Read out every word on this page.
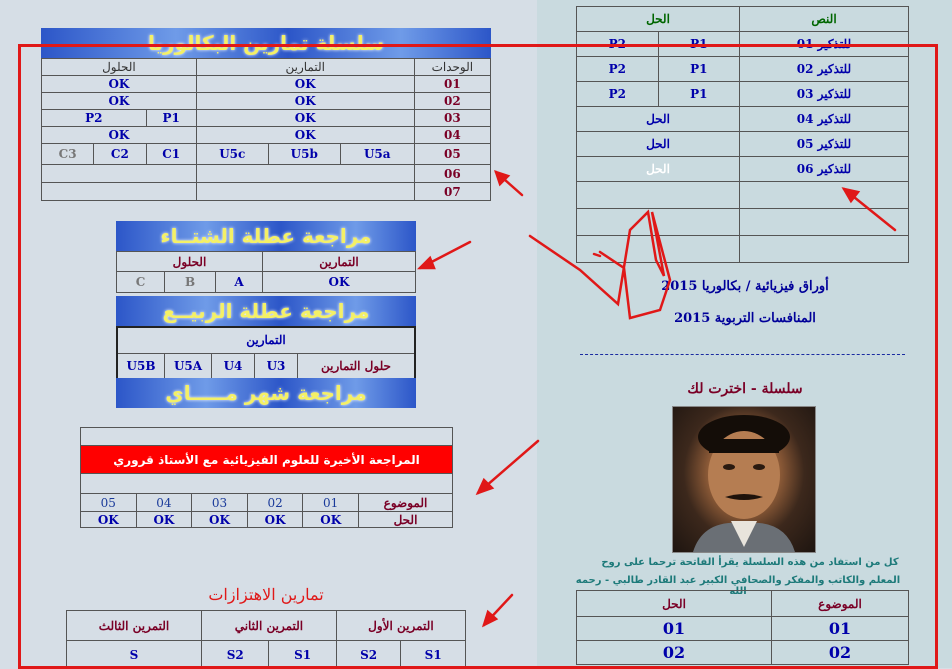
سلسلة تمارين البكالوريا
الحلول			التمارين			الوحدات
OK			OK			01
OK			OK			02
P2		P1	OK			03
OK			OK			04
C3	C2	C1	U5c	U5b	U5a	05
						06
						07
مراجعة عطلة الشتــاء
الحلول			التمارين
C	B	A	OK
مراجعة عطلة الربيــع
التمارين
U5B	U5A	U4	U3	حلول التمارين
مراجعة شهر مـــــاي

المراجعة الأخيرة للعلوم الفيزيائية مع الأستاذ قروري					

05	04	03	02	01	الموضوع
OK	OK	OK	OK	OK	الحل
تمارين الاهتزازات
التمرين الثالث	التمرين الثاني		التمرين الأول	
S	S2	S1	S2	S1
الحل		النص
P2	P1	للتذكير 01
P2	P1	للتذكير 02
P2	P1	للتذكير 03
الحل		للتذكير 04
الحل		للتذكير 05
الحل		للتذكير 06

أوراق فيزيائية / بكالوريا 2015
المنافسات التربوية 2015
سلسلة - اخترت لك
كل من استفاد من هذه السلسلة يقرأ الفاتحة ترحما على روح
المعلم والكاتب والمفكر والصحافي الكبير عبد القادر طالبي - رحمه الله
الحل	الموضوع
01	01
02	02
